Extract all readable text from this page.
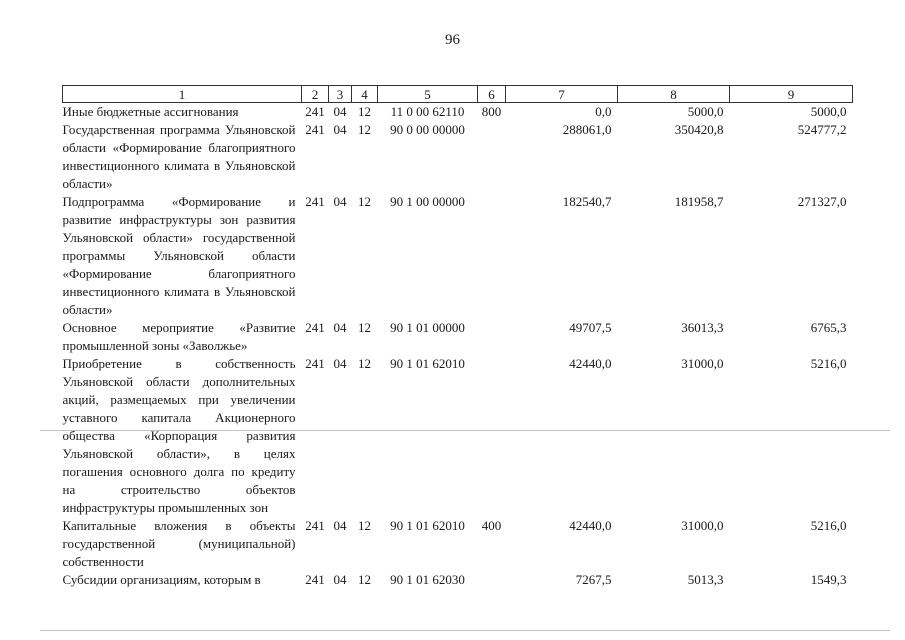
96
1	2	3	4	5	6	7	8	9
Иные бюджетные ассигнования	241	04	12	11 0 00 62110	800	0,0	5000,0	5000,0
Государственная программа Ульяновской области «Формирование благоприятного инвестиционного климата в Ульяновской области»	241	04	12	90 0 00 00000		288061,0	350420,8	524777,2
Подпрограмма «Формирование и развитие инфраструктуры зон развития Ульяновской области» государственной программы Ульяновской области «Формирование благоприятного инвестиционного климата в Ульяновской области»	241	04	12	90 1 00 00000		182540,7	181958,7	271327,0
Основное мероприятие «Развитие промышленной зоны «Заволжье»	241	04	12	90 1 01 00000		49707,5	36013,3	6765,3
Приобретение в собственность Ульяновской области дополнительных акций, размещаемых при увеличении уставного капитала Акционерного общества «Корпорация развития Ульяновской области», в целях погашения основного долга по кредиту на строительство объектов инфраструктуры промышленных зон	241	04	12	90 1 01 62010		42440,0	31000,0	5216,0
Капитальные вложения в объекты государственной (муниципальной) собственности	241	04	12	90 1 01 62010	400	42440,0	31000,0	5216,0
Субсидии организациям, которым в	241	04	12	90 1 01 62030		7267,5	5013,3	1549,3
